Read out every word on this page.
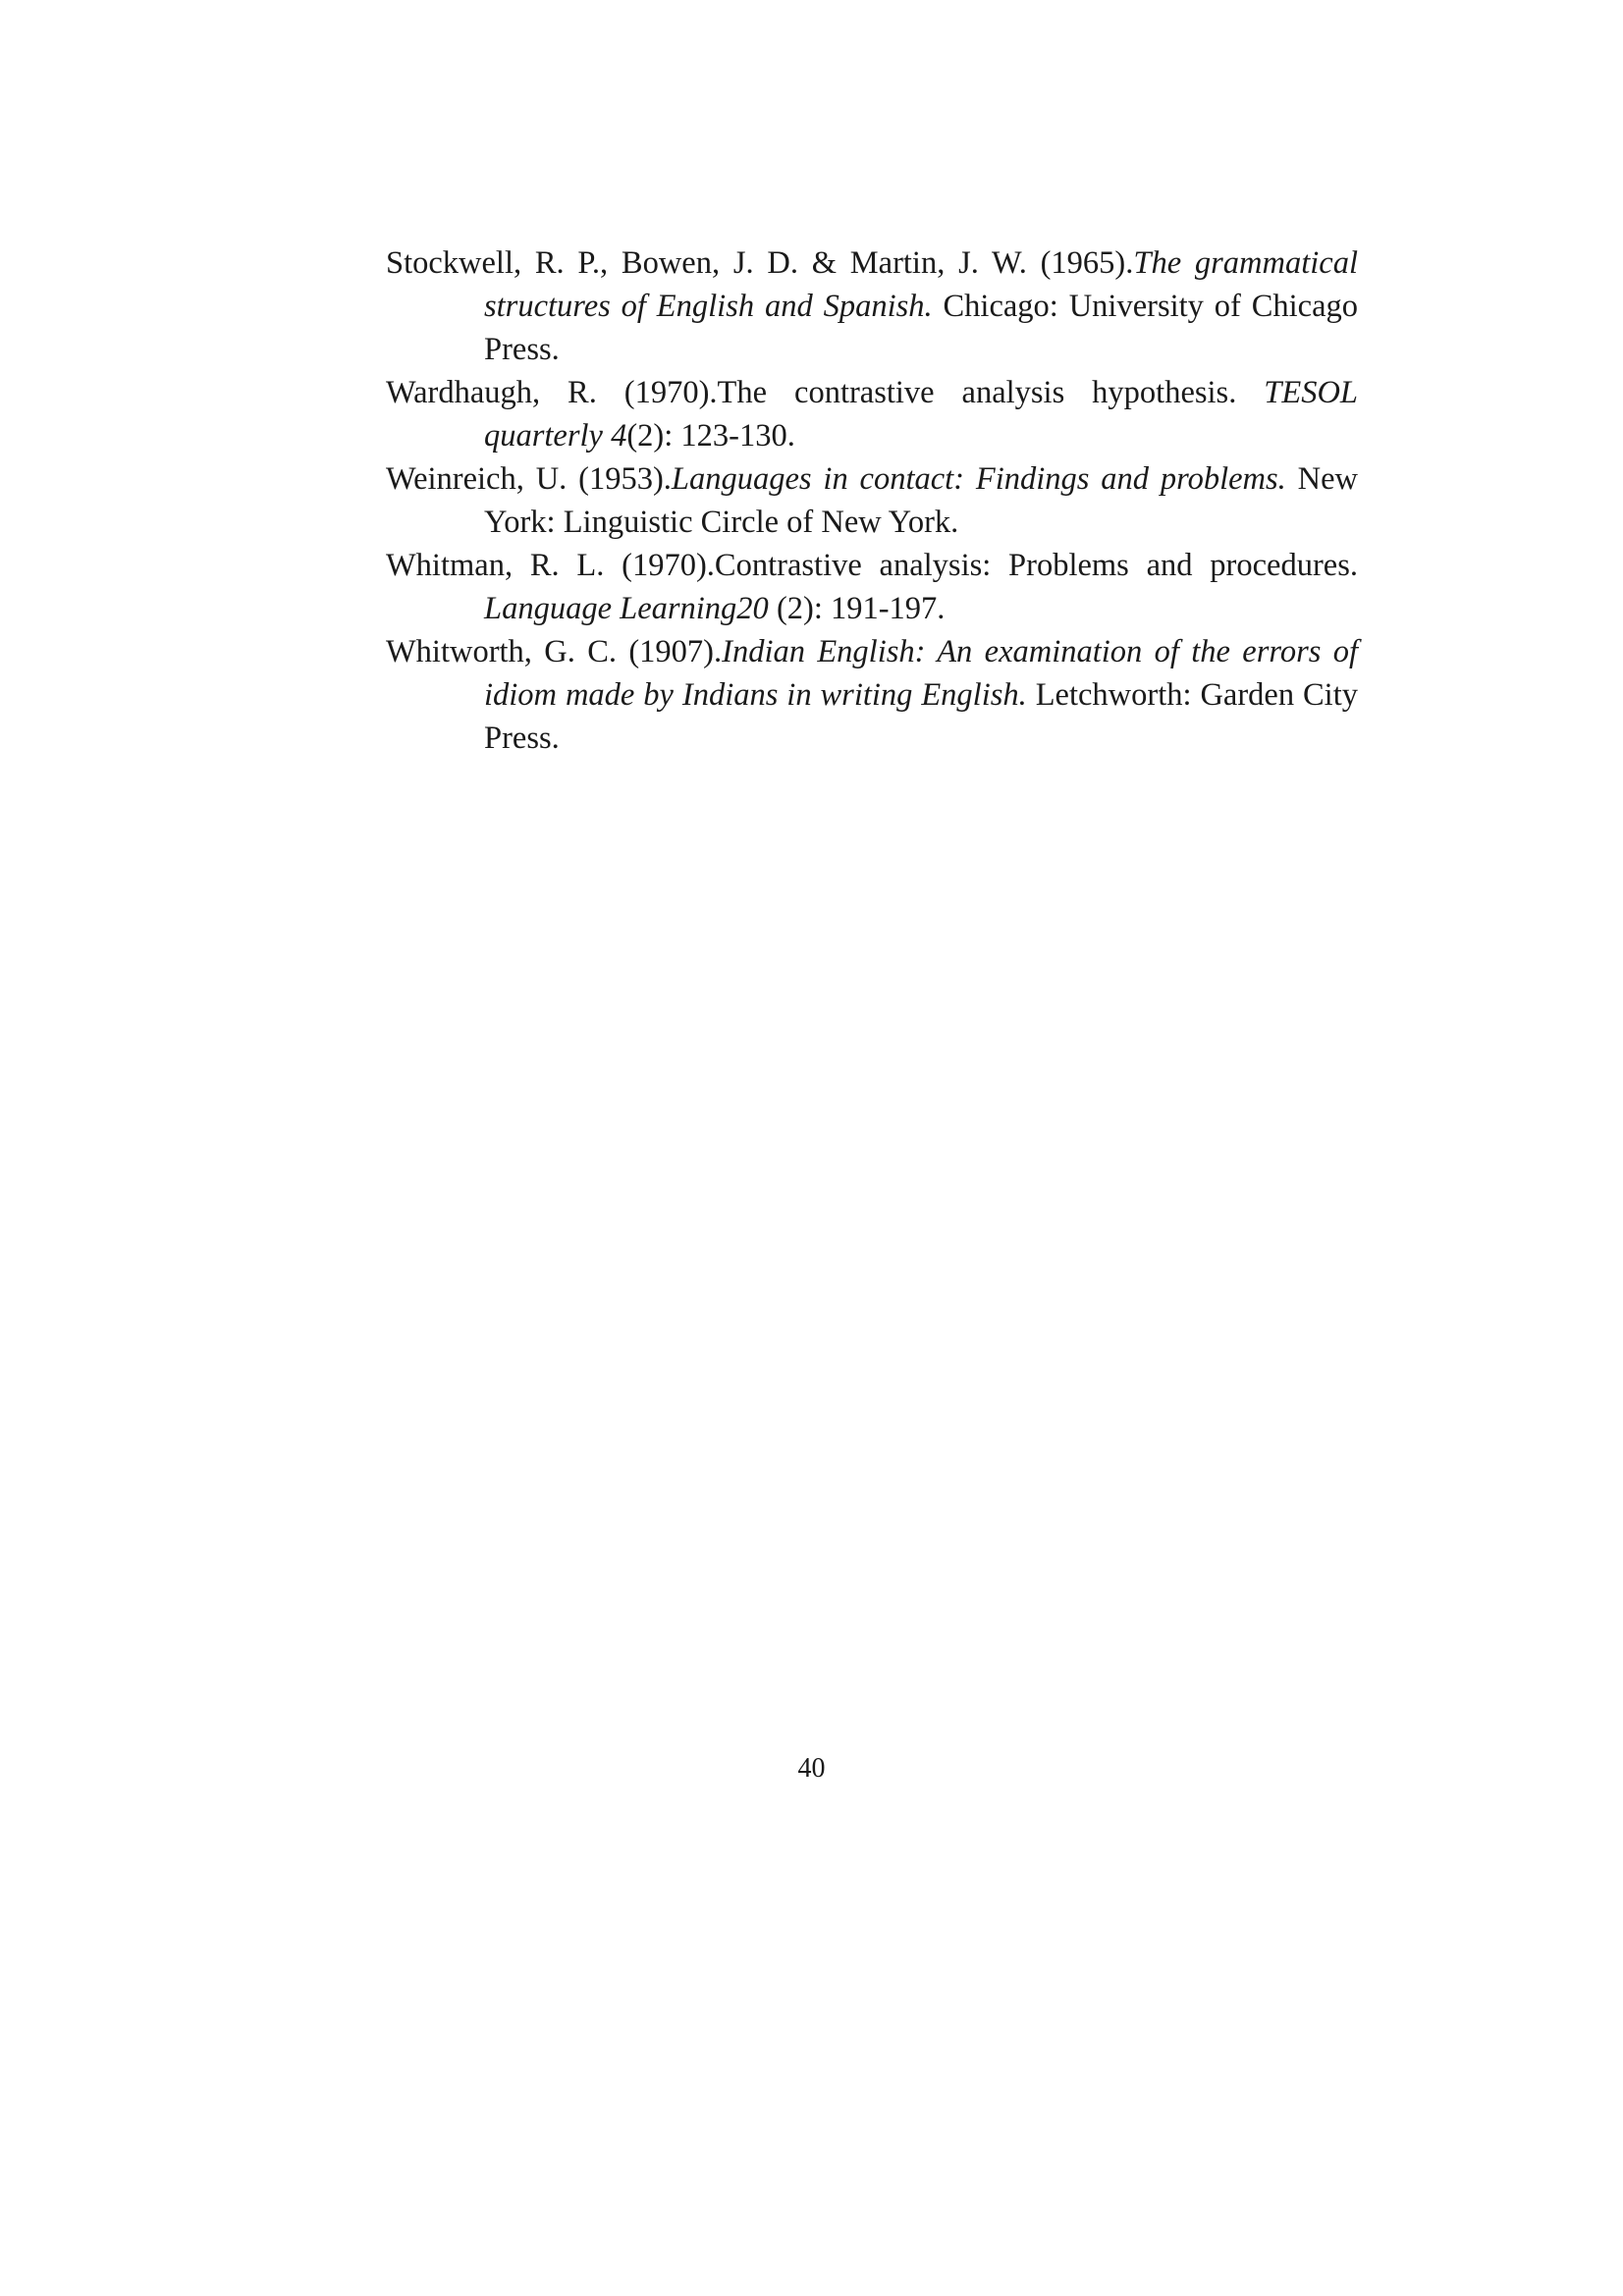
Stockwell, R. P., Bowen, J. D. & Martin, J. W. (1965).The grammatical structures of English and Spanish. Chicago: University of Chicago Press.
Wardhaugh, R. (1970).The contrastive analysis hypothesis. TESOL quarterly 4(2): 123-130.
Weinreich, U. (1953).Languages in contact: Findings and problems. New York: Linguistic Circle of New York.
Whitman, R. L. (1970).Contrastive analysis: Problems and procedures. Language Learning20 (2): 191-197.
Whitworth, G. C. (1907).Indian English: An examination of the errors of idiom made by Indians in writing English. Letchworth: Garden City Press.
40
